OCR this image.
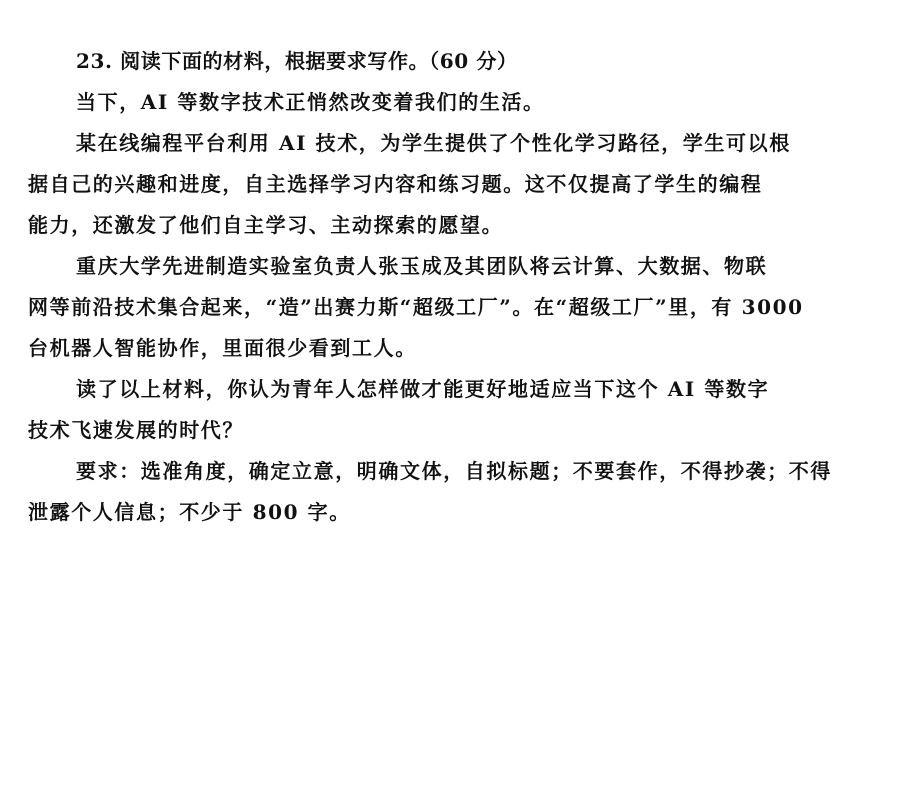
23. 阅读下面的材料，根据要求写作。（60 分）
当下，AI 等数字技术正悄然改变着我们的生活。
某在线编程平台利用 AI 技术，为学生提供了个性化学习路径，学生可以根
据自己的兴趣和进度，自主选择学习内容和练习题。这不仅提高了学生的编程
能力，还激发了他们自主学习、主动探索的愿望。
重庆大学先进制造实验室负责人张玉成及其团队将云计算、大数据、物联
网等前沿技术集合起来，“造”出赛力斯“超级工厂”。在“超级工厂”里，有 3000
台机器人智能协作，里面很少看到工人。
读了以上材料，你认为青年人怎样做才能更好地适应当下这个 AI 等数字
技术飞速发展的时代？
要求：选准角度，确定立意，明确文体，自拟标题；不要套作，不得抄袭；不得
泄露个人信息；不少于 800 字。
